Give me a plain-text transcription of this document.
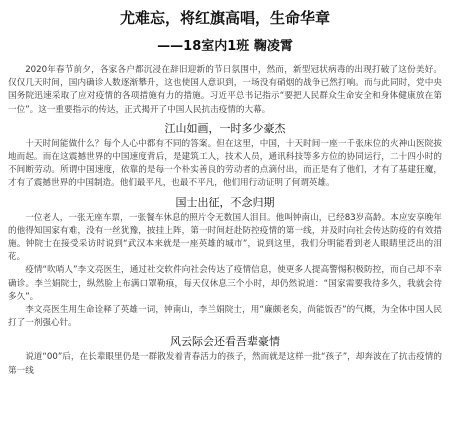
尤难忘，将红旗高唱，生命华章
——18室内1班 鞠凌霄

2020年春节前夕，各家各户都沉浸在辞旧迎新的节日氛围中，然而，新型冠状病毒的出现打破了这份美好。仅仅几天时间，国内确诊人数逐渐攀升，这也使国人意识到，一场没有硝烟的战争已然打响。而与此同时，党中央国务院迅速采取了应对疫情的各项措施有力的措施。习近平总书记指示“要把人民群众生命安全和身体健康放在第一位”。这一重要指示的传达，正式揭开了中国人民抗击疫情的大幕。

江山如画，一时多少豪杰

十天时间能做什么？每个人心中都有不同的答案。但在这里，中国，十天时间一座一千张床位的火神山医院拔地而起。而在这震撼世界的中国速度背后，是建筑工人，技术人员，通讯科技等多方位的协同运行，二十四小时的不间断劳动。所谓中国速度，依靠的是每一个朴实善良的劳动者的点滴付出，而正是有了他们，才有了基建狂魔，才有了震撼世界的中国制造。他们最平凡，也最不平凡，他们用行动证明了何谓英雄。

国士出征，不念归期

一位老人，一张无座车票，一张餐车休息的照片令无数国人泪目。他叫钟南山，已经83岁高龄。本应安享晚年的他得知国家有难，没有一丝犹豫，披挂上阵，第一时间赶赴防控疫情的第一线，并及时向社会传达防疫的有效措施。钟院士在接受采访时说到“武汉本来就是一座英雄的城市”，说到这里，我们分明能看到老人眼睛里泛出的泪花。

疫情“吹哨人”李文亮医生，通过社交软件向社会传达了疫情信息，使更多人提高警惕积极防控，而自己却不幸确诊。李兰娟院士，纵然脸上布满口罩勒痕，每天仅休息三个小时，却仍然说道：“国家需要我待多久，我就会待多久”。

李文亮医生用生命诠释了英雄一词，钟南山，李兰娟院士，用“廉颇老矣，尚能饭否”的气概，为全体中国人民打了一剂强心针。

风云际会还看吾辈豪情

说道“00”后，在长辈眼里仍是一群散发着青春活力的孩子，然而就是这样一批“孩子”，却奔波在了抗击疫情的第一线
